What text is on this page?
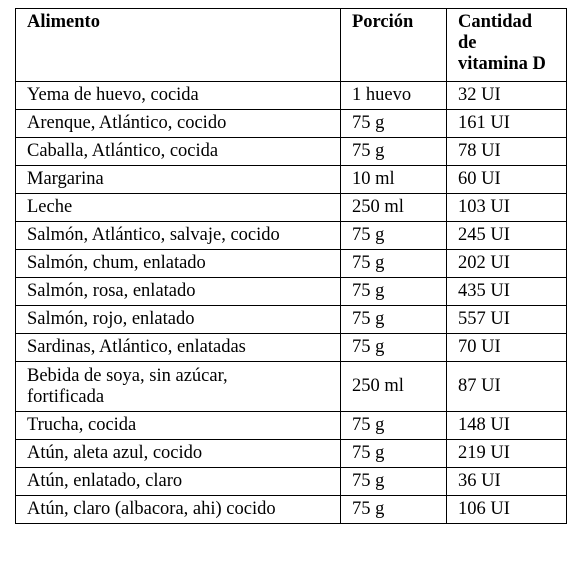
Alimento	Porción	Cantidad
de
vitamina D

Yema de huevo, cocida	1 huevo	32 UI
Arenque, Atlántico, cocido	75 g	161 UI
Caballa, Atlántico, cocida	75 g	78 UI
Margarina	10 ml	60 UI
Leche	250 ml	103 UI
Salmón, Atlántico, salvaje, cocido	75 g	245 UI
Salmón, chum, enlatado	75 g	202 UI
Salmón, rosa, enlatado	75 g	435 UI
Salmón, rojo, enlatado	75 g	557 UI
Sardinas, Atlántico, enlatadas	75 g	70 UI

Bebida de soya, sin azúcar,
fortificada	250 ml	87 UI
Trucha, cocida	75 g	148 UI
Atún, aleta azul, cocido	75 g	219 UI
Atún, enlatado, claro	75 g	36 UI
Atún, claro (albacora, ahi) cocido	75 g	106 UI
